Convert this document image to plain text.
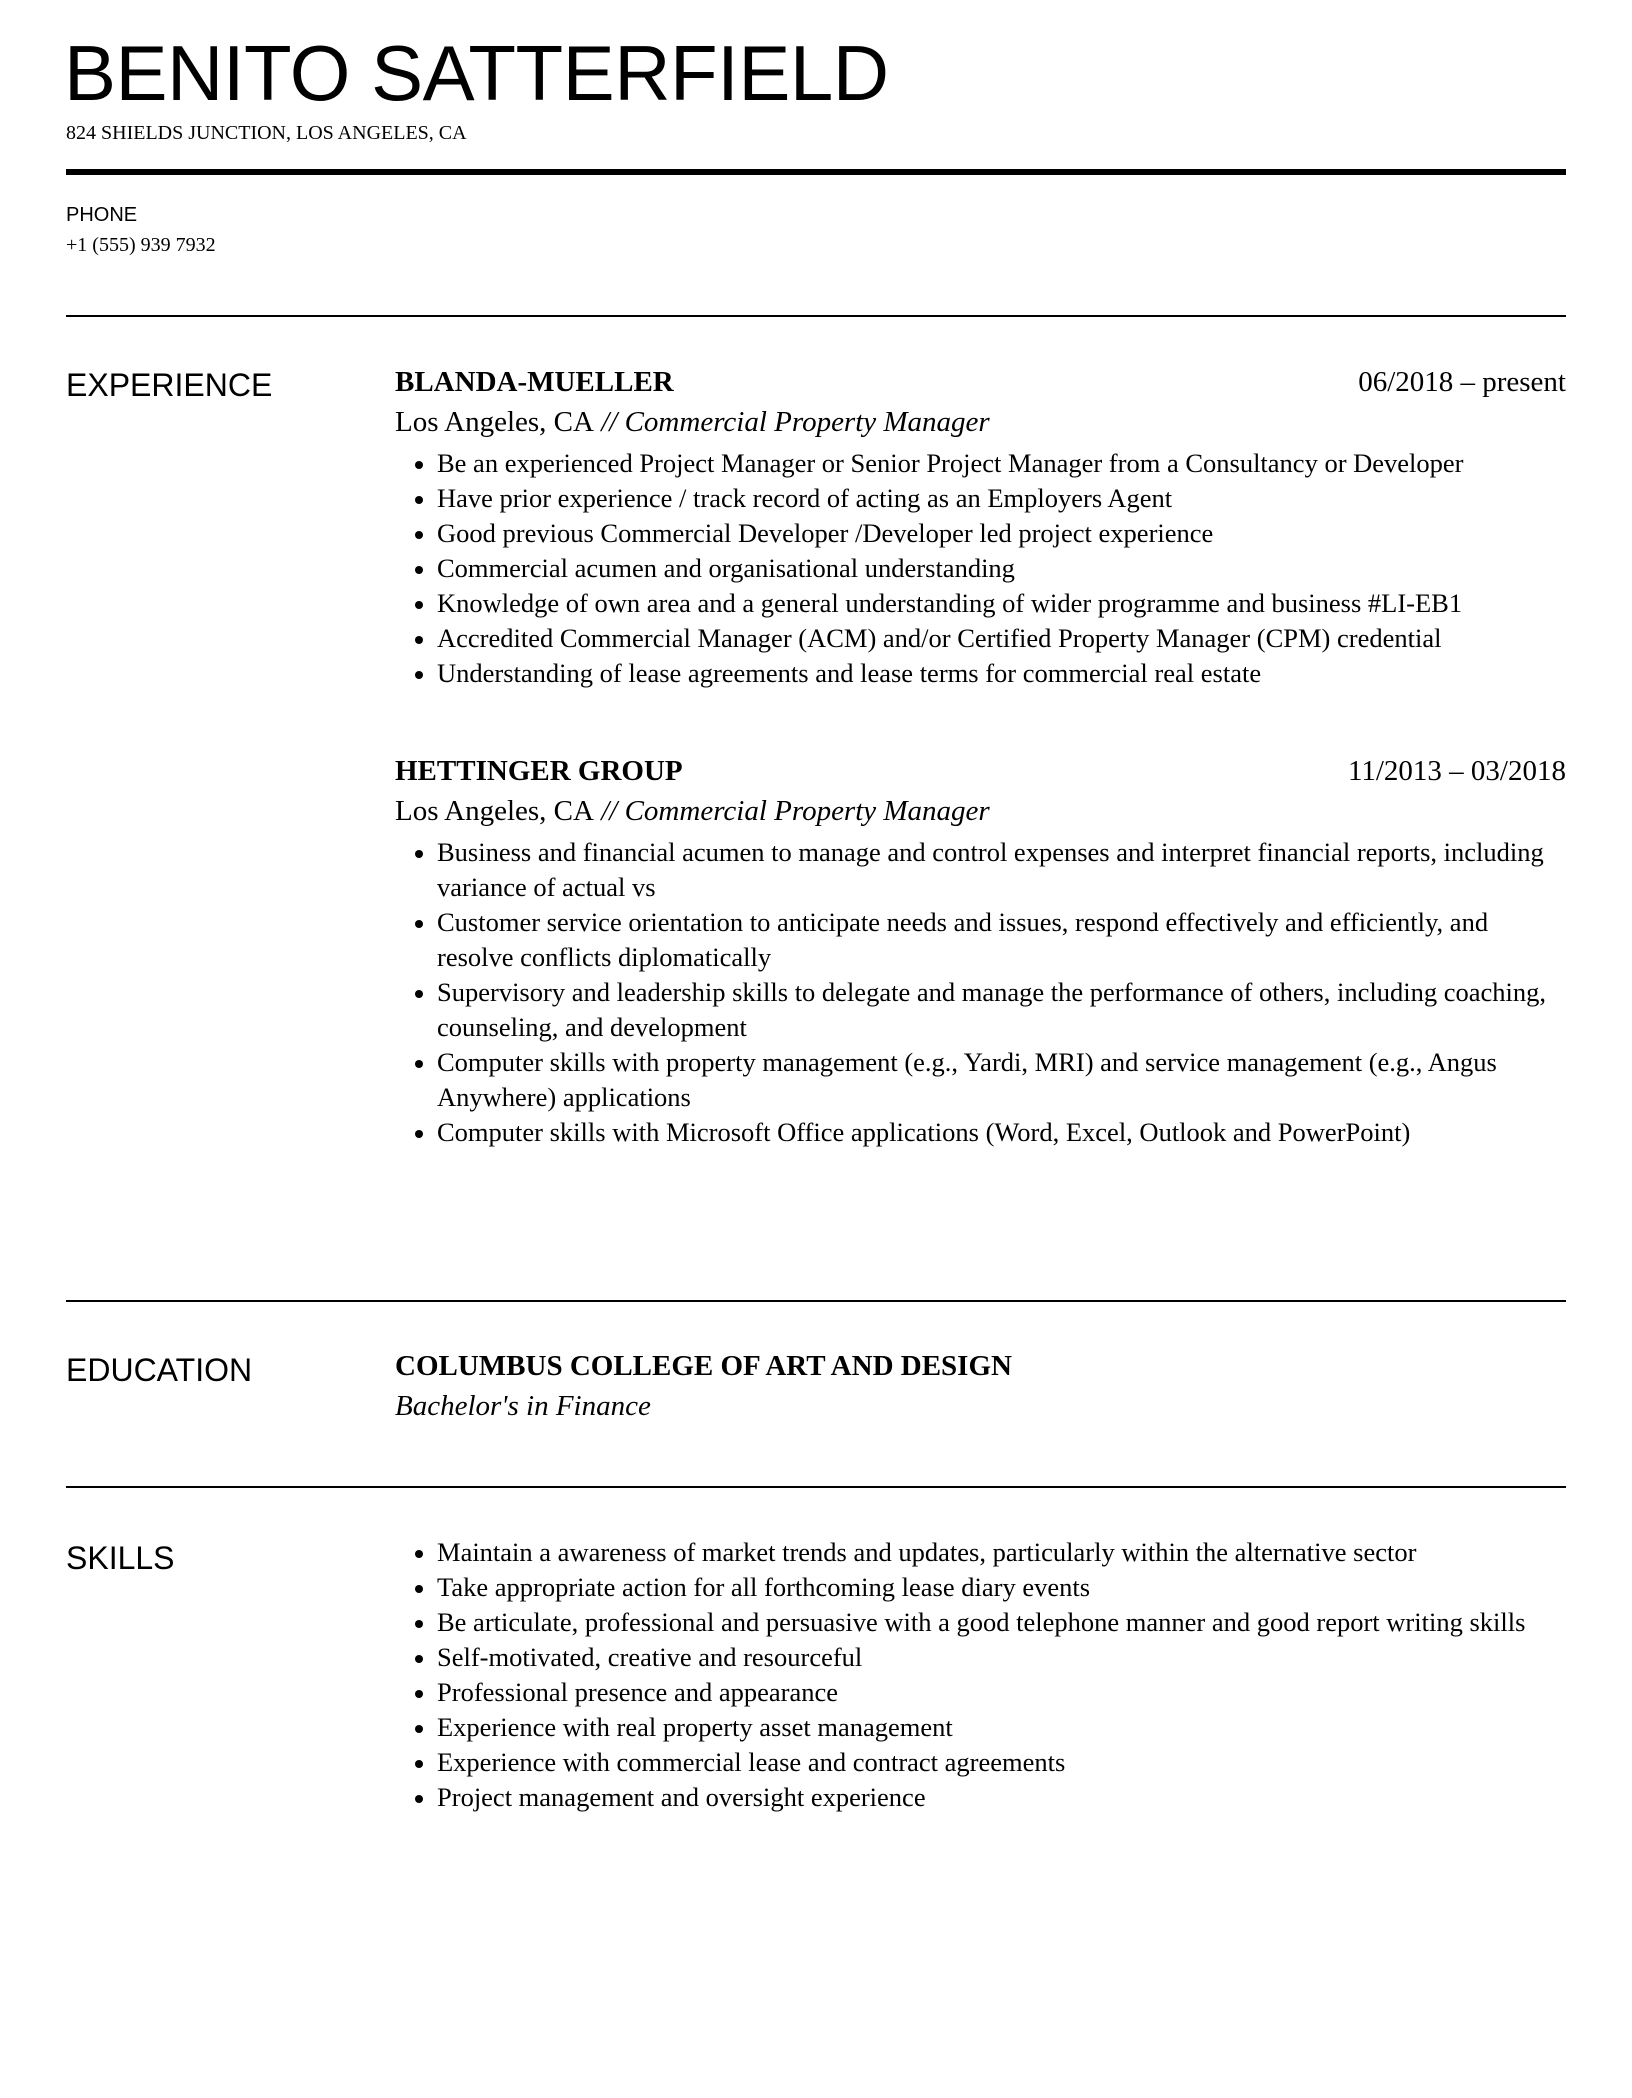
BENITO SATTERFIELD
824 SHIELDS JUNCTION, LOS ANGELES, CA
PHONE
+1 (555) 939 7932
EXPERIENCE	BLANDA-MUELLER	06/2018 – present
Los Angeles, CA // Commercial Property Manager
Be an experienced Project Manager or Senior Project Manager from a Consultancy or Developer
Have prior experience / track record of acting as an Employers Agent
Good previous Commercial Developer /Developer led project experience
Commercial acumen and organisational understanding
Knowledge of own area and a general understanding of wider programme and business #LI-EB1
Accredited Commercial Manager (ACM) and/or Certified Property Manager (CPM) credential
Understanding of lease agreements and lease terms for commercial real estate
HETTINGER GROUP	11/2013 – 03/2018
Los Angeles, CA // Commercial Property Manager
Business and financial acumen to manage and control expenses and interpret financial reports, including variance of actual vs
Customer service orientation to anticipate needs and issues, respond effectively and efficiently, and resolve conflicts diplomatically
Supervisory and leadership skills to delegate and manage the performance of others, including coaching, counseling, and development
Computer skills with property management (e.g., Yardi, MRI) and service management (e.g., Angus Anywhere) applications
Computer skills with Microsoft Office applications (Word, Excel, Outlook and PowerPoint)
EDUCATION	COLUMBUS COLLEGE OF ART AND DESIGN
Bachelor's in Finance
SKILLS	Maintain a awareness of market trends and updates, particularly within the alternative sector
Take appropriate action for all forthcoming lease diary events
Be articulate, professional and persuasive with a good telephone manner and good report writing skills
Self-motivated, creative and resourceful
Professional presence and appearance
Experience with real property asset management
Experience with commercial lease and contract agreements
Project management and oversight experience
